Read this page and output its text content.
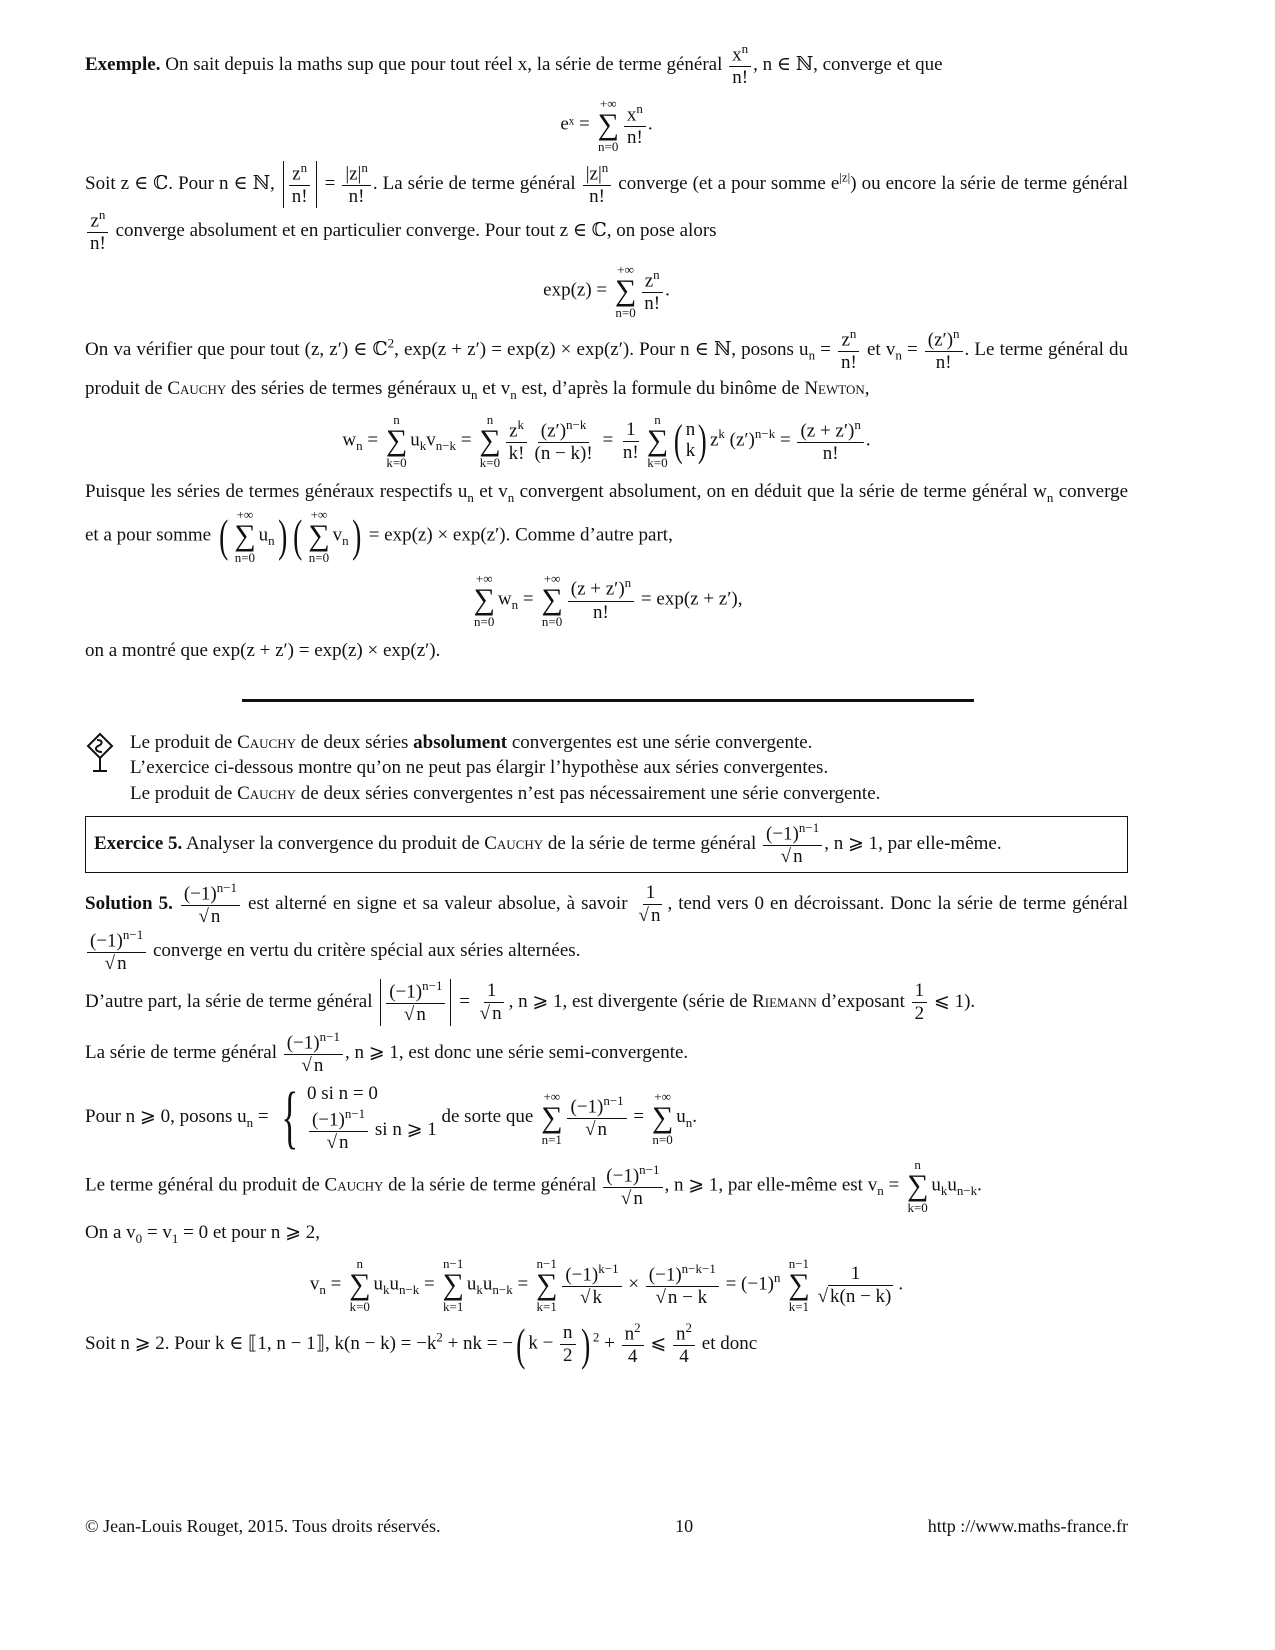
Exemple. On sait depuis la maths sup que pour tout réel x, la série de terme général $\frac{x^n}{n!}$ , n ∈ ℕ, converge et que
eˣ =
+∞
∑
$n=0 \frac{x^n}{n!}$ .
Soit z ∈ ℂ. Pour n ∈ ℕ, $\frac{z^n}{n!} = \frac{|z|^n}{n!}$ . La série de terme général $\frac{|z|^n}{n!}$ converge (et a pour somme $e^{|z|}$) ou encore la série de terme général
$\frac{z^n}{n!}$ converge absolument et en particulier converge. Pour tout z ∈ ℂ, on pose alors
exp(z) =
+∞
∑
$n=0 \frac{z^n}{n!}$ .
On va vérifier que pour tout (z, z′) ∈ ℂ$^2$, exp(z + z′) = exp(z) × exp(z′). Pour n ∈ ℕ, posons $u_n = \frac{z^n}{n!}$ et $v_n = \frac{(z')^n}{n!}$ . Le terme général du produit de Cauchy des séries de termes généraux $u_n$ et $v_n$ est, d’après la formule du binôme de Newton,
$w_n$ =
n
∑
k=0
$u_kv_{n-k}$ =
n
∑
$k=0 \frac{z^k}{k!} \frac{(z')^{n-k}}{(n - k)!} = \frac{1}{n!}$ n
∑
k=0 ( n
k ) $z^k$ $(z')^{n-k} = \frac{(z + z')^n}{n!}$ .
Puisque les séries de termes généraux respectifs $u_n$ et $v_n$ convergent absolument, on en déduit que la série de terme général $w_n$ converge et a pour somme ( +∞
∑
n=0
$u_n$ ) ( +∞
∑
n=0
$v_n$ ) = exp(z) × exp(z′). Comme d’autre part,
+∞
∑
n=0
$w_n$ =
+∞
∑
$n=0 \frac{(z + z')^n}{n!} = \exp(z + z')$,
on a montré que exp(z + z′) = exp(z) × exp(z′).
Le produit de Cauchy de deux séries absolument convergentes est une série convergente.
L’exercice ci-dessous montre qu’on ne peut pas élargir l’hypothèse aux séries convergentes.
Le produit de Cauchy de deux séries convergentes n’est pas nécessairement une série convergente.
Exercice 5. Analyser la convergence du produit de Cauchy de la série de terme général $\frac{(-1)^{n-1}}{√ n}$ , n ⩾ 1, par elle-même.
Solution 5. $\frac{(-1)^{n-1}}{√ n}$ est alterné en signe et sa valeur absolue, à savoir $\frac{1}{√ n}$ , tend vers 0 en décroissant. Donc la série de terme général
$\frac{(-1)^{n-1}}{√ n}$ converge en vertu du critère spécial aux séries alternées.
D’autre part, la série de terme général $\frac{(-1)^{n-1}}{√ n} = \frac{1}{√ n}$ , n ⩾ 1, est divergente (série de Riemann d’exposant $\frac{1}{2}$ ⩽ 1).
La série de terme général $\frac{(-1)^{n-1}}{√ n}$ , n ⩾ 1, est donc une série semi-convergente.
Pour n ⩾ 0, posons $u_n$ = { 0 si n = 0
$\frac{(-1)^{n-1}}{√ n}$ si n ⩾ 1
de sorte que
+∞
∑
$n=1 \frac{(-1)^{n-1}}{√ n}$ =
+∞
∑
n=0
$u_n$.
Le terme général du produit de Cauchy de la série de terme général $\frac{(-1)^{n-1}}{√ n}$ , n ⩾ 1, par elle-même est $v_n$ =
n
∑
k=0
$u_ku_{n-k}$.
On a $v_0 = v_1 = 0$ et pour n ⩾ 2,
$v_n$ =
n
∑
k=0
$u_ku_{n-k}$ =
n−1
∑
k=1
$u_ku_{n-k}$ =
n−1
∑
$k=1 \frac{(-1)^{k-1}}{√ k} \times \frac{(-1)^{n-k-1}}{√ n - k} = (-1)^n$
n−1
∑
$k=1 \frac{1}{√ k(n - k)}$ .
Soit n ⩾ 2. Pour k ∈ ⟦1, n − 1⟧, $k(n - k) = -k^2$ + nk = − ( $k - \frac{n}{2}$ ) $^2 + \frac{n^2}{4}$ ⩽ $\frac{n^2}{4}$ et donc
© Jean-Louis Rouget, 2015. Tous droits réservés.	10	http ://www.maths-france.fr
